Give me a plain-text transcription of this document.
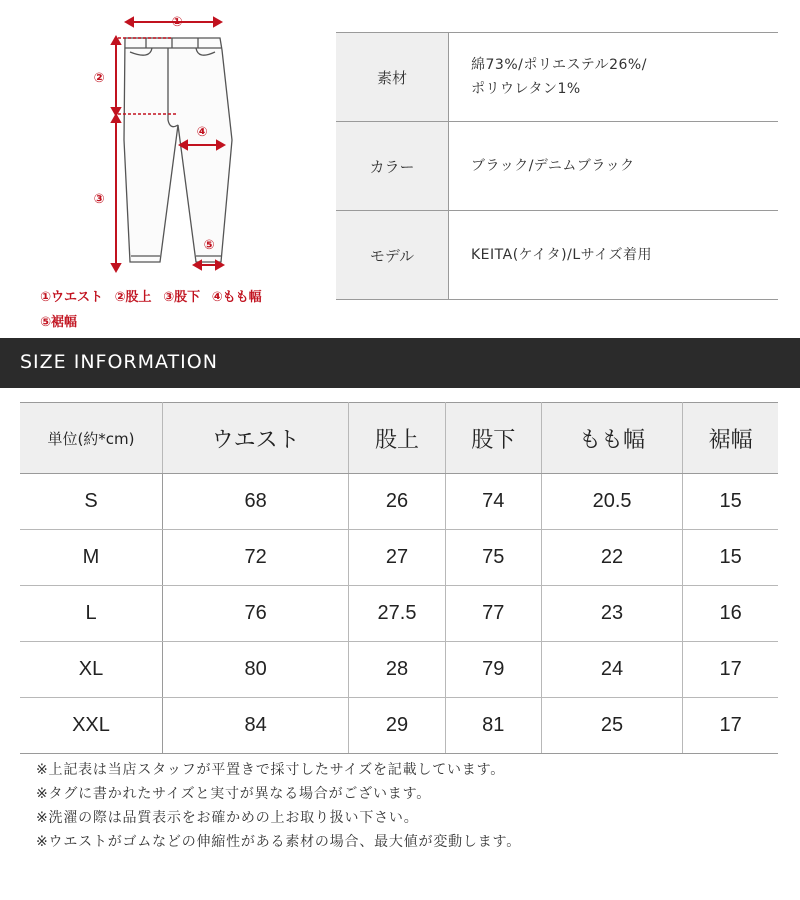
①
②
③
④
⑤
①ウエスト ②股上 ③股下 ④もも幅
⑤裾幅
素材	綿73%/ポリエステル26%/
ポリウレタン1%

カラー	ブラック/デニムブラック

モデル	KEITA(ケイタ)/Lサイズ着用
SIZE INFORMATION
単位(約*cm)	ウエスト	股上	股下	もも幅	裾幅
S	68	26	74	20.5	15
M	72	27	75	22	15
L	76	27.5	77	23	16
XL	80	28	79	24	17
XXL	84	29	81	25	17
※上記表は当店スタッフが平置きで採寸したサイズを記載しています。
※タグに書かれたサイズと実寸が異なる場合がございます。
※洗濯の際は品質表示をお確かめの上お取り扱い下さい。
※ウエストがゴムなどの伸縮性がある素材の場合、最大値が変動します。
